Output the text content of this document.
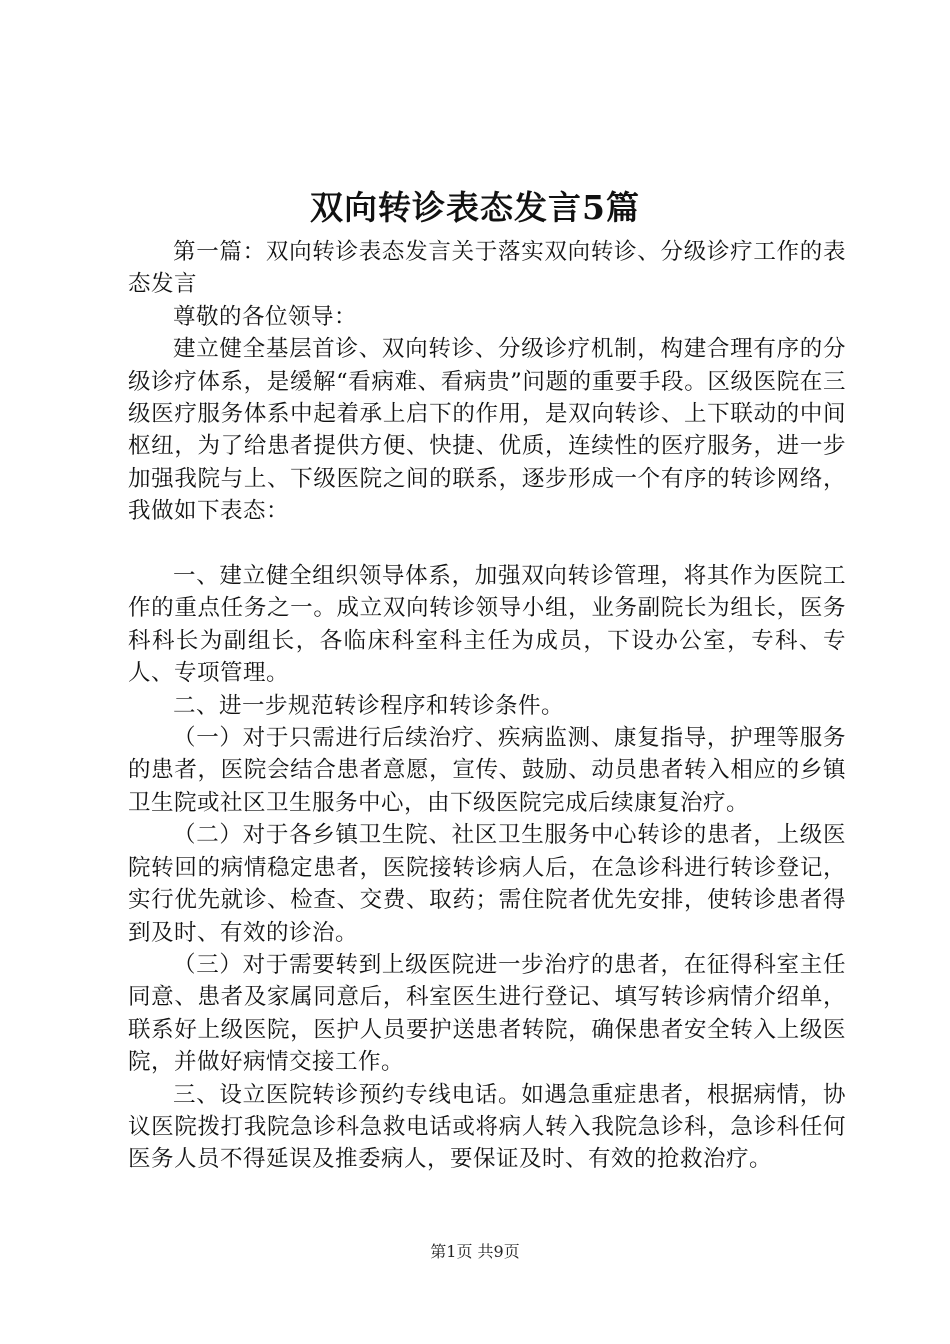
双向转诊表态发言5篇

第一篇：双向转诊表态发言关于落实双向转诊、分级诊疗工作的表态发言

尊敬的各位领导：

建立健全基层首诊、双向转诊、分级诊疗机制，构建合理有序的分级诊疗体系，是缓解“看病难、看病贵”问题的重要手段。区级医院在三级医疗服务体系中起着承上启下的作用，是双向转诊、上下联动的中间枢纽，为了给患者提供方便、快捷、优质，连续性的医疗服务，进一步加强我院与上、下级医院之间的联系，逐步形成一个有序的转诊网络，我做如下表态：

一、建立健全组织领导体系，加强双向转诊管理，将其作为医院工作的重点任务之一。成立双向转诊领导小组，业务副院长为组长，医务科科长为副组长，各临床科室科主任为成员，下设办公室，专科、专人、专项管理。

二、进一步规范转诊程序和转诊条件。

（一）对于只需进行后续治疗、疾病监测、康复指导，护理等服务的患者，医院会结合患者意愿，宣传、鼓励、动员患者转入相应的乡镇卫生院或社区卫生服务中心，由下级医院完成后续康复治疗。

（二）对于各乡镇卫生院、社区卫生服务中心转诊的患者，上级医院转回的病情稳定患者，医院接转诊病人后，在急诊科进行转诊登记，实行优先就诊、检查、交费、取药；需住院者优先安排，使转诊患者得到及时、有效的诊治。

（三）对于需要转到上级医院进一步治疗的患者，在征得科室主任同意、患者及家属同意后，科室医生进行登记、填写转诊病情介绍单，联系好上级医院，医护人员要护送患者转院，确保患者安全转入上级医院，并做好病情交接工作。

三、设立医院转诊预约专线电话。如遇急重症患者，根据病情，协议医院拨打我院急诊科急救电话或将病人转入我院急诊科，急诊科任何医务人员不得延误及推委病人，要保证及时、有效的抢救治疗。

第1页 共9页
